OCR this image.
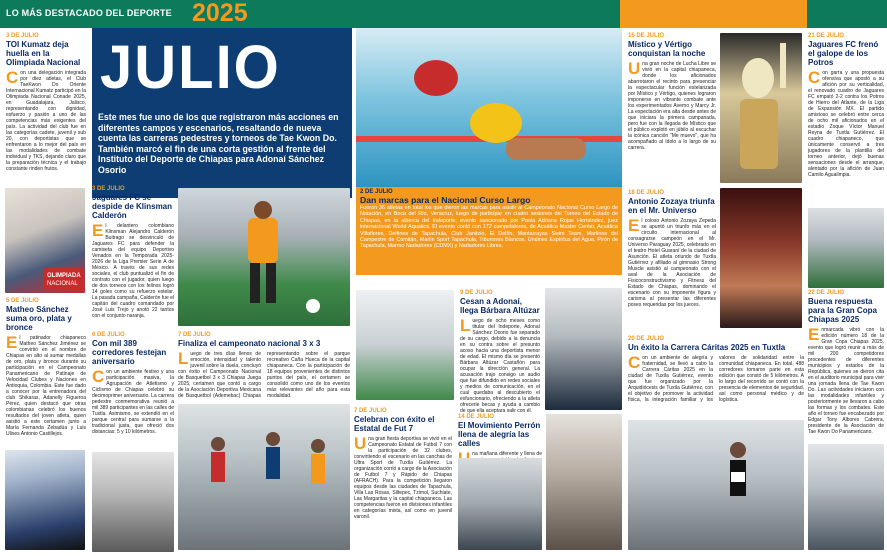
LO MÁS DESTACADO DEL DEPORTE 2025
3 DE JULIO
TOI Kumatz deja huella en la Olimpiada Nacional
Con una delegación integrada por diez atletas, el Club TaeKwon Do Oriente Internacional Kumatz participó en la Olimpiada Nacional Conade 2025, en Guadalajara, Jalisco, representando con dignidad, esfuerzo y pasión a uno de las competencias más exigentes del país. La actividad del club fue en las categorías cadete, juvenil y sub 20, con deportistas que se enfrentaron a lo mejor del país en las modalidades de combate individual y TKS, dejando claro que la preparación técnica y el trabajo constante rinden frutos.
OLIMPIADA
NACIONAL
5 DE JULIO
Matheo Sánchez suma oro, plata y bronce
El patinador chiapaneco Matheo Sánchez Jiménez se convirtió en el nombre de Chiapas en alto al sumar medallas de oro, plata y bronce durante su participación en el Campeonato Panamericano de Patinaje de Velocidad Clubes y Naciones en Antioquia, Colombia. Este fue dado a conocer por la entrenadora del club Shikaras, Adanelly Figueroa Pérez, quien destacó que otras colombianas celebró los buenos resultados del joven atleta, quien asistió a este certamen junto a María Fernanda Zebadúa y Luis Ulises Antonio Castillejos.
JULIO
Este mes fue uno de los que registraron más acciones en diferentes campos y escenarios, resaltando de nueva cuenta las carreras pedestres y torneos de Tae Kwon Do. También marcó el fin de una corta gestión al frente del Instituto del Deporte de Chiapas para Adonaí Sánchez Osorio
3 DE JULIO
Jaguares FC se despide de Klinsman Calderón
El delantero colombiano Klinsman Alejandro Calderón Buitrago se desvinculó de Jaguares FC para defender la camiseta del equipo Deportivo Venados en la Temporada 2025-2026 de la Liga Premier Serie A de México. A través de sus redes sociales, el club puntualizó el fin de contrato con el jugador, quien luego de dos torneos con los felinos logró 14 goles como su refuerzo estelar. La pasada campaña, Calderón fue el capitán del cuadro comandado por José Luis Trejo y anotó 22 tantos con el conjunto naranja.
6 DE JULIO
Con mil 389 corredores festejan aniversario
Con un ambiente festivo y una participación masiva, la Agrupación de Atletismo y Ciclismo de Chiapas celebró su decimoprimer aniversario. La carrera pedestre conmemorativa reunió a mil 389 participantes en las calles de Tuxtla. Asimismo, se extendió en el parque central para sumarse a la tradicional justa, que ofreció dos distancias: 5 y 10 kilómetros.
7 DE JULIO
Finaliza el campeonato nacional 3 x 3
Luego de tres días llenos de emoción, intensidad y talento juvenil sobre la duela, concluyó con éxito el Campeonato Nacional de Basquetbol 3 x 3 Chiapas Juega 2025, certamen que contó a cargo de la Asociación Deportiva Mexicana de Basquetbol (Ademebac) Chiapas representando sobre el parque recreativo Caña Hueca de la capital chiapaneca. Con la participación de 18 equipos provenientes de distintos puntos del país, el certamen se consolidó como uno de los eventos más relevantes del año para esta modalidad.
2 DE JULIO
Dan marcas para el Nacional Curso Largo
Fueron 36 atletas en total los que dieron las marcas para asistir al Campeonato Nacional Curso Largo de Natación, en Boca del Río, Veracruz, luego de participar en cuatro sesiones del Torneo del Estado de Chiapas, en la alberca del Indeporte, evento sancionado por Paola Adriana Rojas Hernández, juez internacional World Aquatics. El evento contó con 172 competidores, de Acuática Master Center, Acuática Villaflores, Delfines de Tapachula, Club Janitzio, El Delfín, Mantarrayas Swim Team, Marlines del Campestre de Comitán, Marlin Sport Tapachula, Tiburones Blancos, Undines Espíritus del Agua, Pirón de Tapachula, Marmo Nadadores (CDMX) y Nadadores Libres.
9 DE JULIO
Cesan a Adonaí, llega Bárbara Altúzar
Luego de ocho meses como titular del Indeporte, Adonaí Sánchez Osorio fue separado de su cargo, debido a la denuncia en su contra sobre el presunto acoso hacia una deportista menor de edad. El mismo día se presentó Bárbara Altúzar Castañón para ocupar la dirección general. La acusación trajo consigo un audio que fue difundido en redes sociales y medios de comunicación, en el cual quedaba al descubierto el exfuncionario, ofreciendo a la atleta ofrecerle becas y ayuda a cambio de que ella aceptara salir con él.
7 DE JULIO
Celebran con éxito el Estatal de Fut 7
Una gran fiesta deportiva se vivió en el Campeonato Estatal de Futbol 7 con la participación de 32 clubes, convirtiendo el escenario en las canchas de Ultra Sport de Tuxtla Gutiérrez. La organización corrió a cargo de la Asociación de Futbol 7 y Rápido de Chiapas (AFRACH). Para la competición llegaron equipos desde las ciudades de Tapachula, Villa Las Rosas, Siltepec, Tzimol, Suchiate, Las Margaritas y la capital chiapaneca. Las competencias fueron en divisiones infantiles en categorías mixta, así como en juvenil varonil.
14 DE JULIO
El Movimiento Perrón llena de alegría las calles
na mañana diferente y llena de
15 DE JULIO
Místico y Vértigo conquistan la noche
Una gran noche de Lucha Libre se vivió en la capital chiapaneca, donde los aficionados abarrotaron el recinto para presenciar la espectacular función estelarizada por Místico y Vértigo, quienes lograron imponerse en vibrante combate ante los experimentados Averno y Marcy Jr. La expectación era alta desde antes de que iniciara la primera campanada, pero fue con la llegada de Místico que el público explotó en júbilo al escuchar la icónica canción "Me muevo", que ha acompañado al ídolo a lo largo de su carrera.
21 DE JULIO
Jaguares FC frenó el galope de los Potros
Con garra y una propuesta ofensiva que apostó a su afición por su verticalidad, el renovado cuadro de Jaguares FC empató 2-2 contra los Potros de Hierro del Atlante, de la Liga de Expansión MX. El partido amistoso se celebró entre cerca de ocho mil aficionados en el estadio Zoque Víctor Manuel Reyna de Tuxtla Gutiérrez. El cuadro chiapaneco, que únicamente conservó a tres jugadores de la plantilla del torneo anterior, dejó buenas sensaciones desde el arranque, alentado por la afición de Juan Camilo Aguailmpia.
18 DE JULIO
Antonio Zozaya triunfa en el Mr. Universo
El coloso Antonio Zozaya Zepeda se apuntó un triunfo más en el circuito internacional al consagrarse campeón en el Mr. Universo Paraguay 2025, celebrado en el teatro Hotel Guaraní de la ciudad de Asunción. El atleta oriundo de Tuxtla Gutiérrez y afiliado al gimnasio Strong Muscle asistió al campeonato con el aval de la Asociación de Fisicoconstructivismo y Fitness del Estado de Chiapas, dominando el escenario con su imponente figura y carisma al presentar las diferentes poses requeridas por los jueces.
22 DE JULIO
Buena respuesta para la Gran Copa Chiapas 2025
Enmarcada vibró con la edición número 18 de la Gran Copa Chiapas 2025, evento que logró reunir a más de mil 200 competidores procedentes de diferentes municipios y estados de la República, quienes se dieron cita en el auditorio municipal para vivir una jornada llena de Tae Kwon Do. Las actividades iniciaron con las modalidades infantiles y posteriormente se llevaron a cabo las formas y los combates. Este año el torneo fue encabezado por Edgar Tony Albores Cabrera, presidente de la Asociación de Tae Kwon Do Panamericano.
20 DE JULIO
Un éxito la Carrera Cáritas 2025 en Tuxtla
Con un ambiente de alegría y fraternidad, se llevó a cabo la Carrera Cáritas 2025 en la ciudad de Tuxtla Gutiérrez, evento que fue organizado por la Arquidiócesis de Tuxtla Gutiérrez, con el objetivo de promover la actividad física, la integración familiar y los valores de solidaridad entre la comunidad chiapaneca. En total, 488 corredores tomaron parte en esta edición que constó de 5 kilómetros. A lo largo del recorrido se contó con la presencia de elementos de seguridad, así como personal médico y de logística.
